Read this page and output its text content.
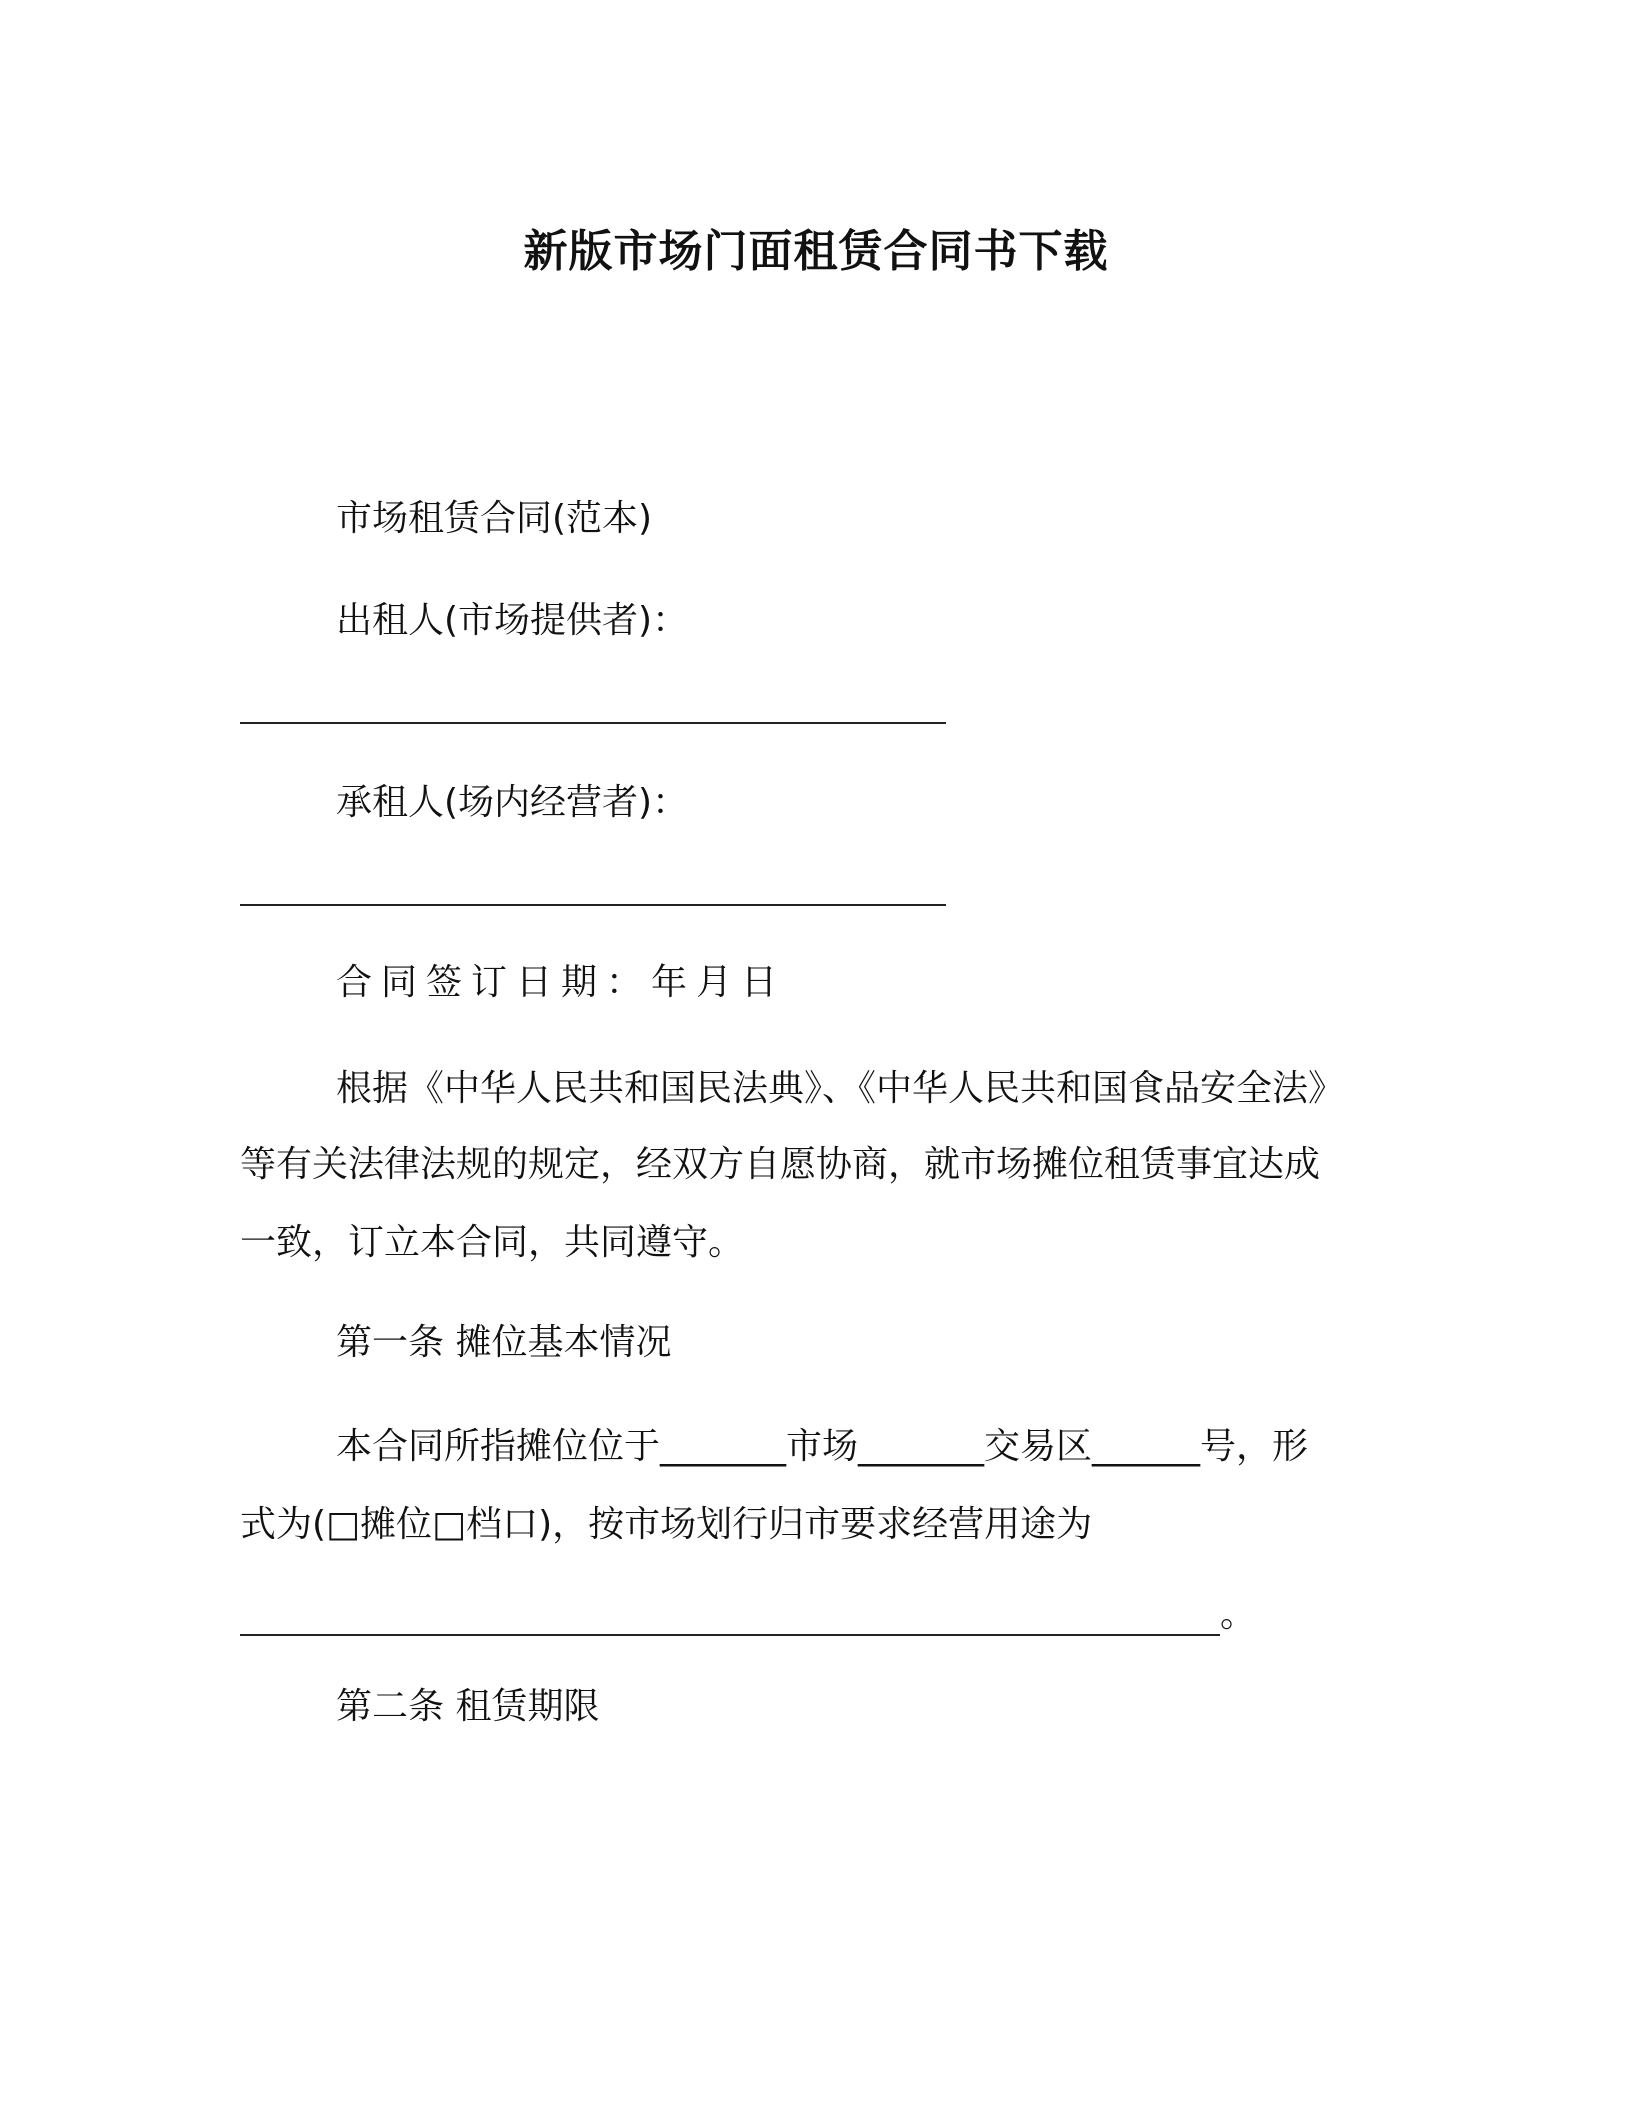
新版市场门面租赁合同书下载
市场租赁合同(范本)
出租人(市场提供者)：
承租人(场内经营者)：
合同签订日期：年月日
根据《中华人民共和国民法典》、《中华人民共和国食品安全法》
等有关法律法规的规定，经双方自愿协商，就市场摊位租赁事宜达成
一致，订立本合同，共同遵守。
第一条 摊位基本情况
本合同所指摊位位于_______市场_______交易区______号，形
式为(□摊位□档口)，按市场划行归市要求经营用途为
。
第二条 租赁期限
